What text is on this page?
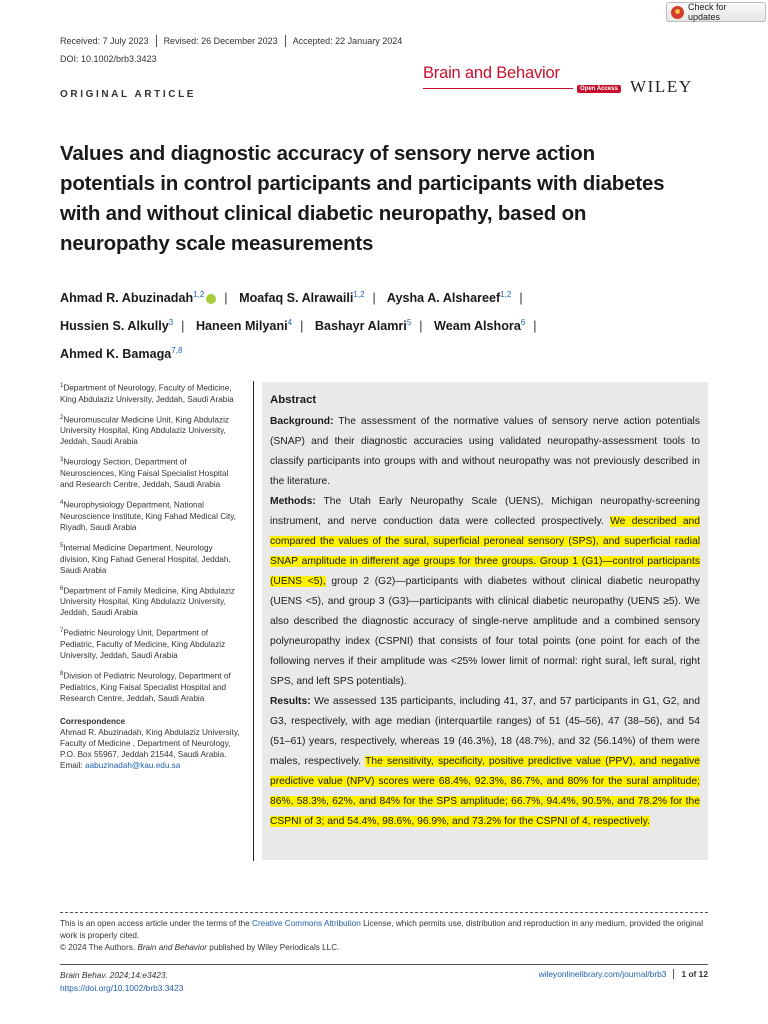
Check for updates
Received: 7 July 2023	Revised: 26 December 2023	Accepted: 22 January 2024
DOI: 10.1002/brb3.3423
Brain and Behavior
Open Access WILEY
ORIGINAL ARTICLE
Values and diagnostic accuracy of sensory nerve action potentials in control participants and participants with diabetes with and without clinical diabetic neuropathy, based on neuropathy scale measurements
Ahmad R. Abuzinadah$^{1,2}$ | Moafaq S. Alrawaili$^{1,2}$ | Aysha A. Alshareef$^{1,2}$ |
Hussien S. Alkully$^3$ | Haneen Milyani$^4$ | Bashayr Alamri$^5$ | Weam Alshora$^6$ |
Ahmed K. Bamaga$^{7,8}$
$^1$Department of Neurology, Faculty of Medicine, King Abdulaziz University, Jeddah, Saudi Arabia
$^2$Neuromuscular Medicine Unit, King Abdulaziz University Hospital, King Abdulaziz University, Jeddah, Saudi Arabia
$^3$Neurology Section, Department of Neurosciences, King Faisal Specialist Hospital and Research Centre, Jeddah, Saudi Arabia
$^4$Neurophysiology Department, National Neuroscience Institute, King Fahad Medical City, Riyadh, Saudi Arabia
$^5$Internal Medicine Department, Neurology division, King Fahad General Hospital, Jeddah, Saudi Arabia
$^6$Department of Family Medicine, King Abdulaziz University Hospital, King Abdulaziz University, Jeddah, Saudi Arabia
$^7$Pediatric Neurology Unit, Department of Pediatric, Faculty of Medicine, King Abdulaziz University, Jeddah, Saudi Arabia
$^8$Division of Pediatric Neurology, Department of Pediatrics, King Faisal Specialist Hospital and Research Centre, Jeddah, Saudi Arabia
Correspondence
Ahmad R. Abuzinadah, King Abdulaziz University, Faculty of Medicine , Department of Neurology, P.O. Box 55967, Jeddah 21544, Saudi Arabia. Email: aabuzinadah@kau.edu.sa
Abstract
Background: The assessment of the normative values of sensory nerve action potentials (SNAP) and their diagnostic accuracies using validated neuropathy-assessment tools to classify participants into groups with and without neuropathy was not previously described in the literature.
Methods: The Utah Early Neuropathy Scale (UENS), Michigan neuropathy-screening instrument, and nerve conduction data were collected prospectively. We described and compared the values of the sural, superficial peroneal sensory (SPS), and superficial radial SNAP amplitude in different age groups for three groups. Group 1 (G1)—control participants (UENS <5), group 2 (G2)—participants with diabetes without clinical diabetic neuropathy (UENS <5), and group 3 (G3)—participants with clinical diabetic neuropathy (UENS ≥5). We also described the diagnostic accuracy of single-nerve amplitude and a combined sensory polyneuropathy index (CSPNI) that consists of four total points (one point for each of the following nerves if their amplitude was <25% lower limit of normal: right sural, left sural, right SPS, and left SPS potentials).
Results: We assessed 135 participants, including 41, 37, and 57 participants in G1, G2, and G3, respectively, with age median (interquartile ranges) of 51 (45–56), 47 (38–56), and 54 (51–61) years, respectively, whereas 19 (46.3%), 18 (48.7%), and 32 (56.14%) of them were males, respectively. The sensitivity, specificity, positive predictive value (PPV), and negative predictive value (NPV) scores were 68.4%, 92.3%, 86.7%, and 80% for the sural amplitude; 86%, 58.3%, 62%, and 84% for the SPS amplitude; 66.7%, 94.4%, 90.5%, and 78.2% for the CSPNI of 3; and 54.4%, 98.6%, 96.9%, and 73.2% for the CSPNI of 4, respectively.
This is an open access article under the terms of the Creative Commons Attribution License, which permits use, distribution and reproduction in any medium, provided the original work is properly cited.
© 2024 The Authors. Brain and Behavior published by Wiley Periodicals LLC.
Brain Behav. 2024;14:e3423.
https://doi.org/10.1002/brb3.3423
wileyonlinelibrary.com/journal/brb3	1 of 12
